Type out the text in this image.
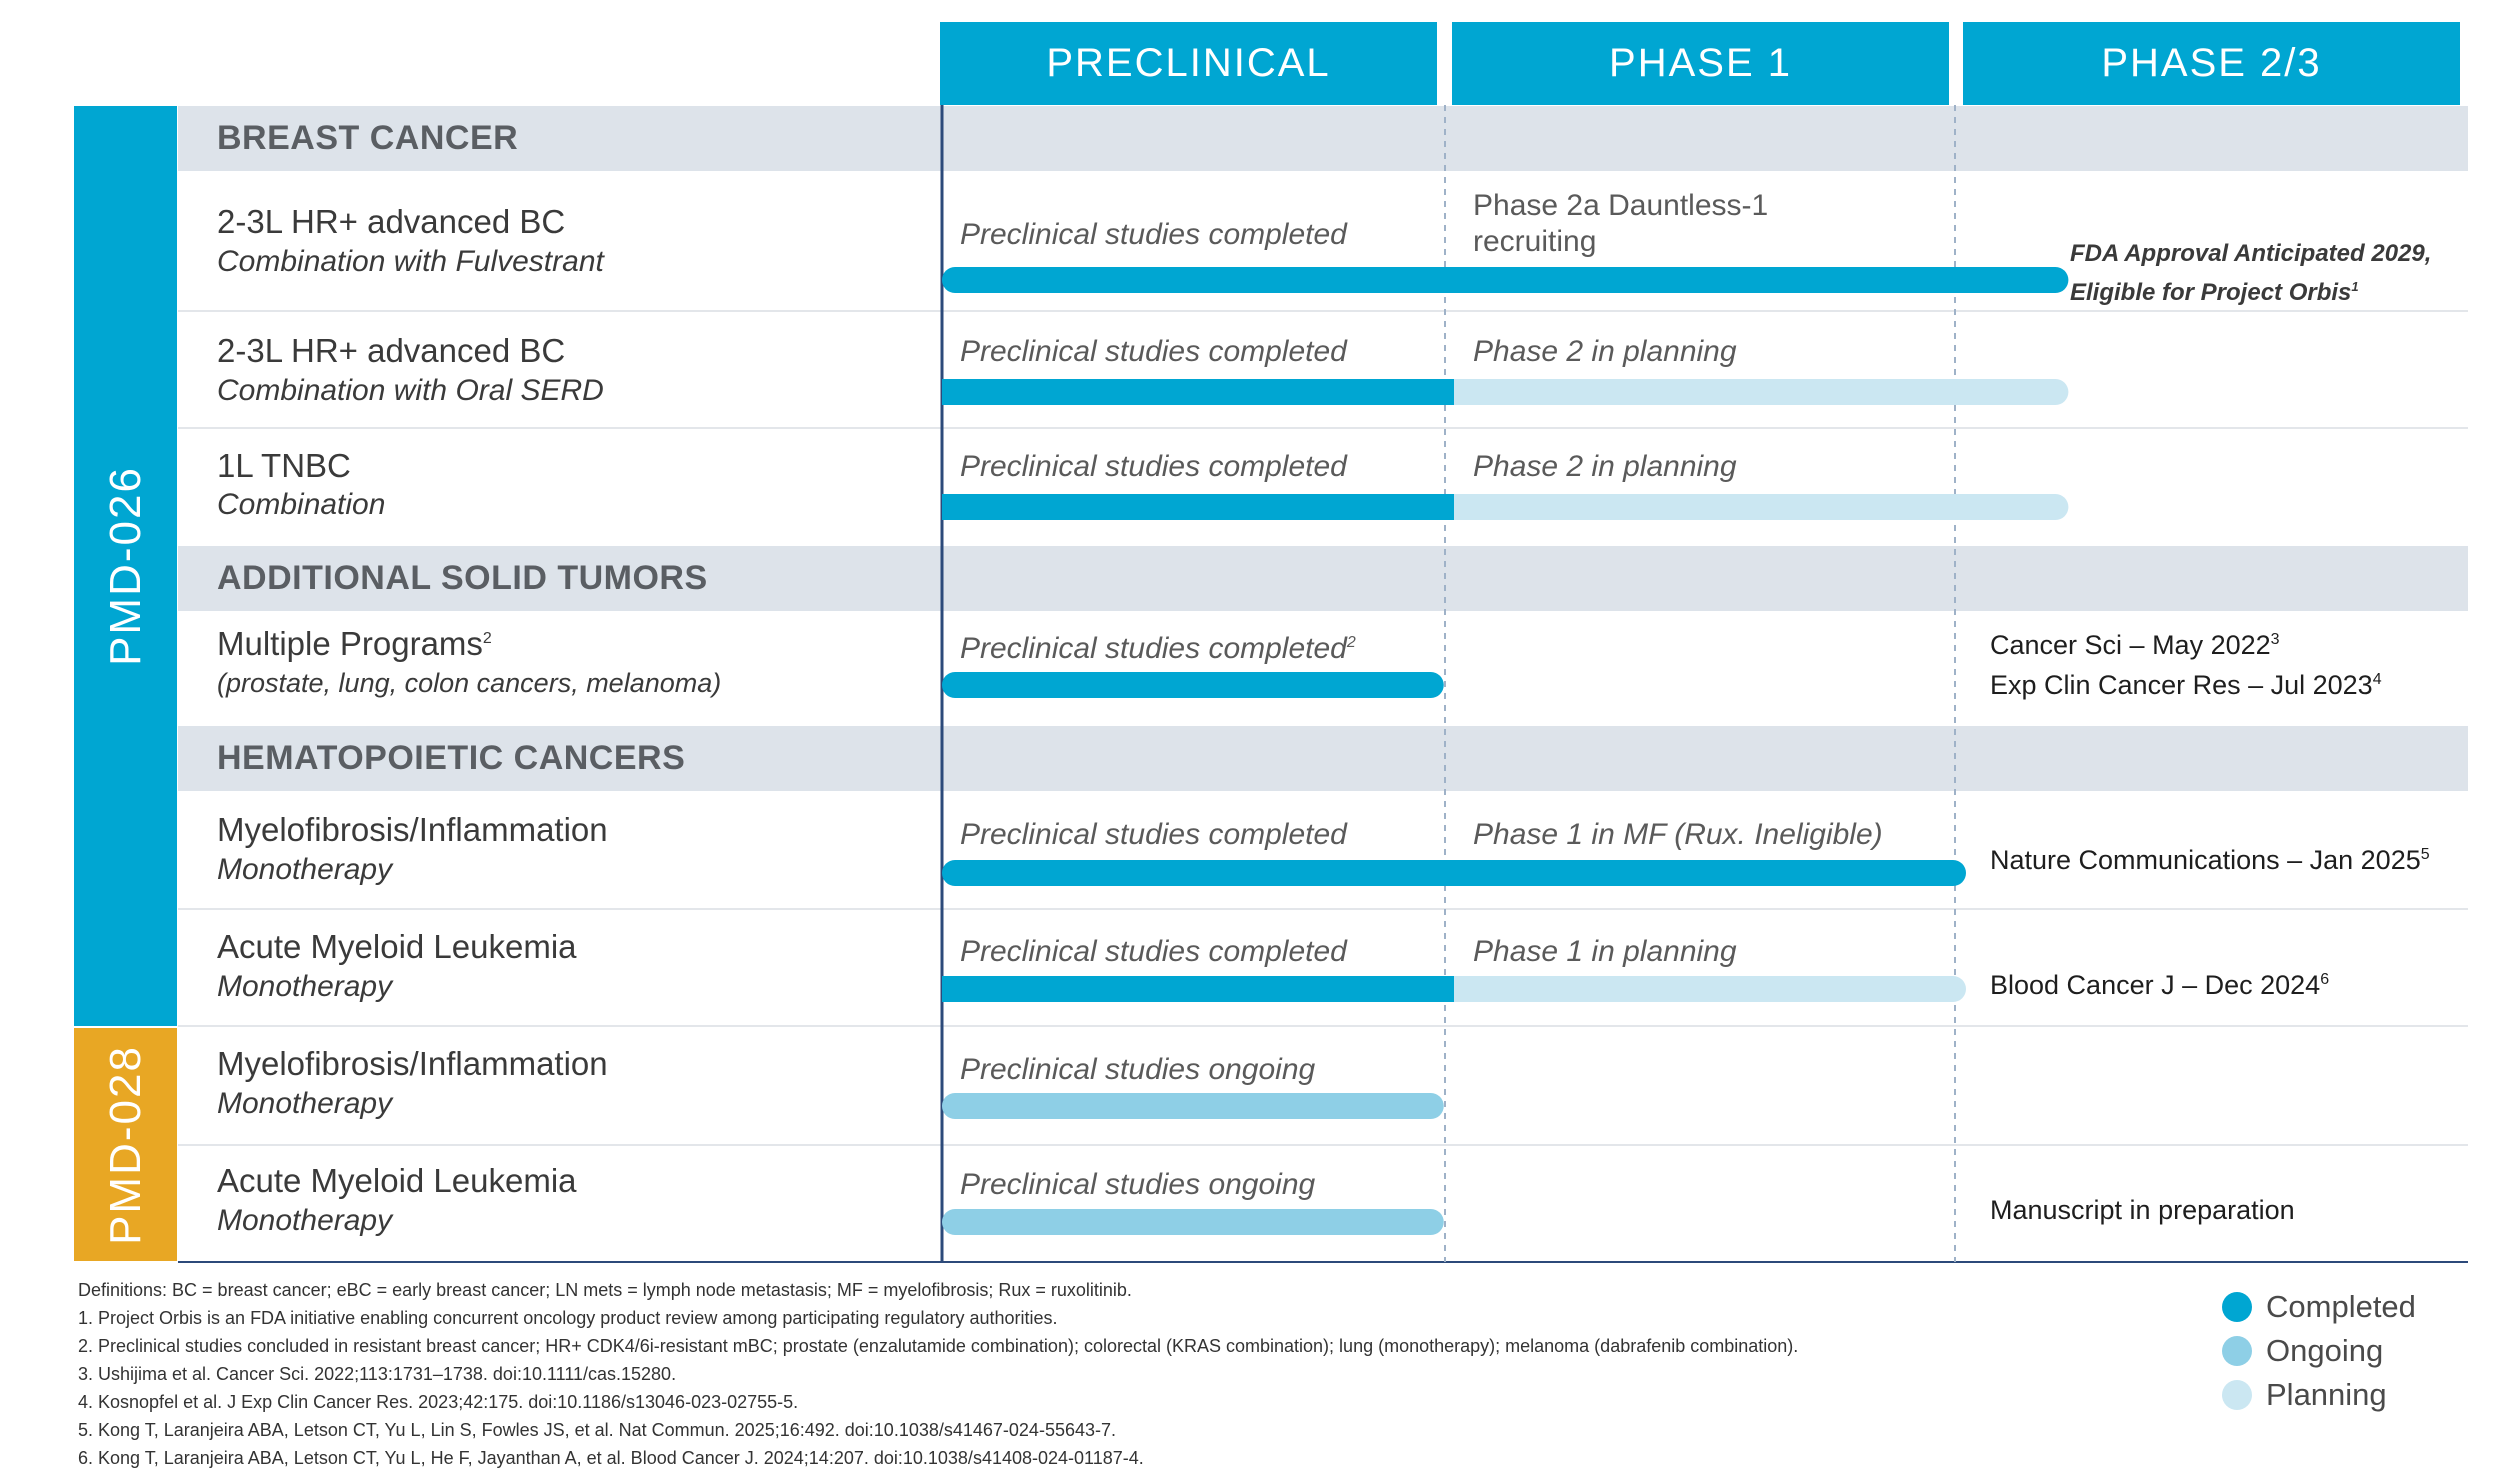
PRECLINICAL	PHASE 1	PHASE 2/3
BREAST CANCER
ADDITIONAL SOLID TUMORS
HEMATOPOIETIC CANCERS
PMD-026
PMD-028
2-3L HR+ advanced BC
Combination with Fulvestrant
2-3L HR+ advanced BC
Combination with Oral SERD
1L TNBC
Combination
Multiple Programs$^2$
(prostate, lung, colon cancers, melanoma)
Myelofibrosis/Inflammation
Monotherapy
Acute Myeloid Leukemia
Monotherapy
Myelofibrosis/Inflammation
Monotherapy
Acute Myeloid Leukemia
Monotherapy
Preclinical studies completed
Preclinical studies completed
Preclinical studies completed
Preclinical studies completed$^2$
Preclinical studies completed
Preclinical studies completed
Preclinical studies ongoing
Preclinical studies ongoing
Phase 2a Dauntless-1
recruiting
Phase 2 in planning
Phase 2 in planning
Phase 1 in MF (Rux. Ineligible)
Phase 1 in planning
FDA Approval Anticipated 2029,
Eligible for Project Orbis$^1$
Cancer Sci – May 2022$^3$
Exp Clin Cancer Res – Jul 2023$^4$
Nature Communications – Jan 2025$^5$
Blood Cancer J – Dec 2024$^6$
Manuscript in preparation
Definitions: BC = breast cancer; eBC = early breast cancer; LN mets = lymph node metastasis; MF = myelofibrosis; Rux = ruxolitinib.
1. Project Orbis is an FDA initiative enabling concurrent oncology product review among participating regulatory authorities.
2. Preclinical studies concluded in resistant breast cancer; HR+ CDK4/6i-resistant mBC; prostate (enzalutamide combination); colorectal (KRAS combination); lung (monotherapy); melanoma (dabrafenib combination).
3. Ushijima et al. Cancer Sci. 2022;113:1731–1738. doi:10.1111/cas.15280.
4. Kosnopfel et al. J Exp Clin Cancer Res. 2023;42:175. doi:10.1186/s13046-023-02755-5.
5. Kong T, Laranjeira ABA, Letson CT, Yu L, Lin S, Fowles JS, et al. Nat Commun. 2025;16:492. doi:10.1038/s41467-024-55643-7.
6. Kong T, Laranjeira ABA, Letson CT, Yu L, He F, Jayanthan A, et al. Blood Cancer J. 2024;14:207. doi:10.1038/s41408-024-01187-4.
Completed
Ongoing
Planning
